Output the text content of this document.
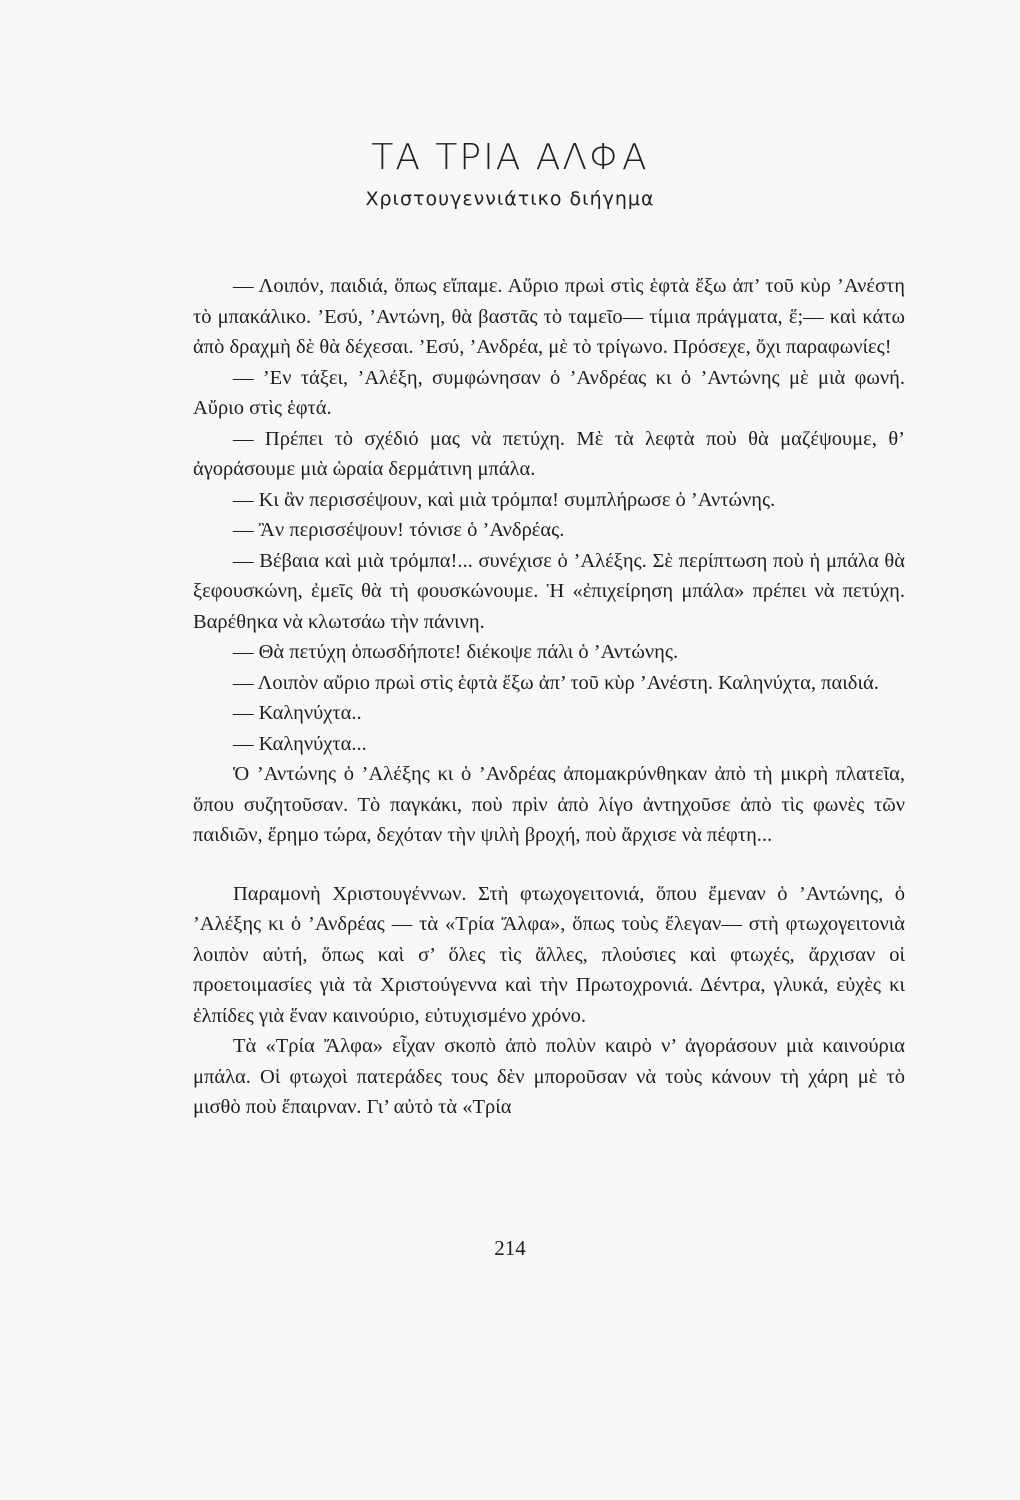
ΤΑ ΤΡΙΑ ΑΛΦΑ

Χριστουγεννιάτικο διήγημα

— Λοιπόν, παιδιά, ὅπως εἴπαμε. Αὔριο πρωὶ στὶς ἑφτὰ ἔξω ἀπ’ τοῦ κὺρ ’Ανέστη τὸ μπακάλικο. ’Εσύ, ’Αντώνη, θὰ βαστᾶς τὸ ταμεῖο— τίμια πράγματα, ἕ;— καὶ κάτω ἀπὸ δραχμὴ δὲ θὰ δέχεσαι. ’Εσύ, ’Ανδρέα, μὲ τὸ τρίγωνο. Πρόσεχε, ὄχι παραφωνίες!

— ’Εν τάξει, ’Αλέξη, συμφώνησαν ὁ ’Ανδρέας κι ὁ ’Αντώνης μὲ μιὰ φωνή. Αὔριο στὶς ἑφτά.

— Πρέπει τὸ σχέδιό μας νὰ πετύχη. Μὲ τὰ λεφτὰ ποὺ θὰ μαζέψουμε, θ’ ἀγοράσουμε μιὰ ὡραία δερμάτινη μπάλα.

— Κι ἂν περισσέψουν, καὶ μιὰ τρόμπα! συμπλήρωσε ὁ ’Αντώνης.

— Ἂν περισσέψουν! τόνισε ὁ ’Ανδρέας.

— Βέβαια καὶ μιὰ τρόμπα!... συνέχισε ὁ ’Αλέξης. Σὲ περίπτωση ποὺ ἡ μπάλα θὰ ξεφουσκώνη, ἐμεῖς θὰ τὴ φουσκώνουμε. Ἡ «ἐπιχείρηση μπάλα» πρέπει νὰ πετύχη. Βαρέθηκα νὰ κλωτσάω τὴν πάνινη.

— Θὰ πετύχη ὁπωσδήποτε! διέκοψε πάλι ὁ ’Αντώνης.

— Λοιπὸν αὔριο πρωὶ στὶς ἑφτὰ ἔξω ἀπ’ τοῦ κὺρ ’Ανέστη. Καληνύχτα, παιδιά.

— Καληνύχτα..

— Καληνύχτα...

Ὁ ’Αντώνης ὁ ’Αλέξης κι ὁ ’Ανδρέας ἀπομακρύνθηκαν ἀπὸ τὴ μικρὴ πλατεῖα, ὅπου συζητοῦσαν. Τὸ παγκάκι, ποὺ πρὶν ἀπὸ λίγο ἀντηχοῦσε ἀπὸ τὶς φωνὲς τῶν παιδιῶν, ἔρημο τώρα, δεχόταν τὴν ψιλὴ βροχή, ποὺ ἄρχισε νὰ πέφτη...

Παραμονὴ Χριστουγέννων. Στὴ φτωχογειτονιά, ὅπου ἔμεναν ὁ ’Αντώνης, ὁ ’Αλέξης κι ὁ ’Ανδρέας — τὰ «Τρία Ἄλφα», ὅπως τοὺς ἔλεγαν— στὴ φτωχογειτονιὰ λοιπὸν αὐτή, ὅπως καὶ σ’ ὅλες τὶς ἄλλες, πλούσιες καὶ φτωχές, ἄρχισαν οἱ προετοιμασίες γιὰ τὰ Χριστούγεννα καὶ τὴν Πρωτοχρονιά. Δέντρα, γλυκά, εὐχὲς κι ἐλπίδες γιὰ ἕναν καινούριο, εὐτυχισμένο χρόνο.

Τὰ «Τρία Ἄλφα» εἶχαν σκοπὸ ἀπὸ πολὺν καιρὸ ν’ ἀγοράσουν μιὰ καινούρια μπάλα. Οἱ φτωχοὶ πατεράδες τους δὲν μποροῦσαν νὰ τοὺς κάνουν τὴ χάρη μὲ τὸ μισθὸ ποὺ ἔπαιρναν. Γι’ αὐτὸ τὰ «Τρία

214
